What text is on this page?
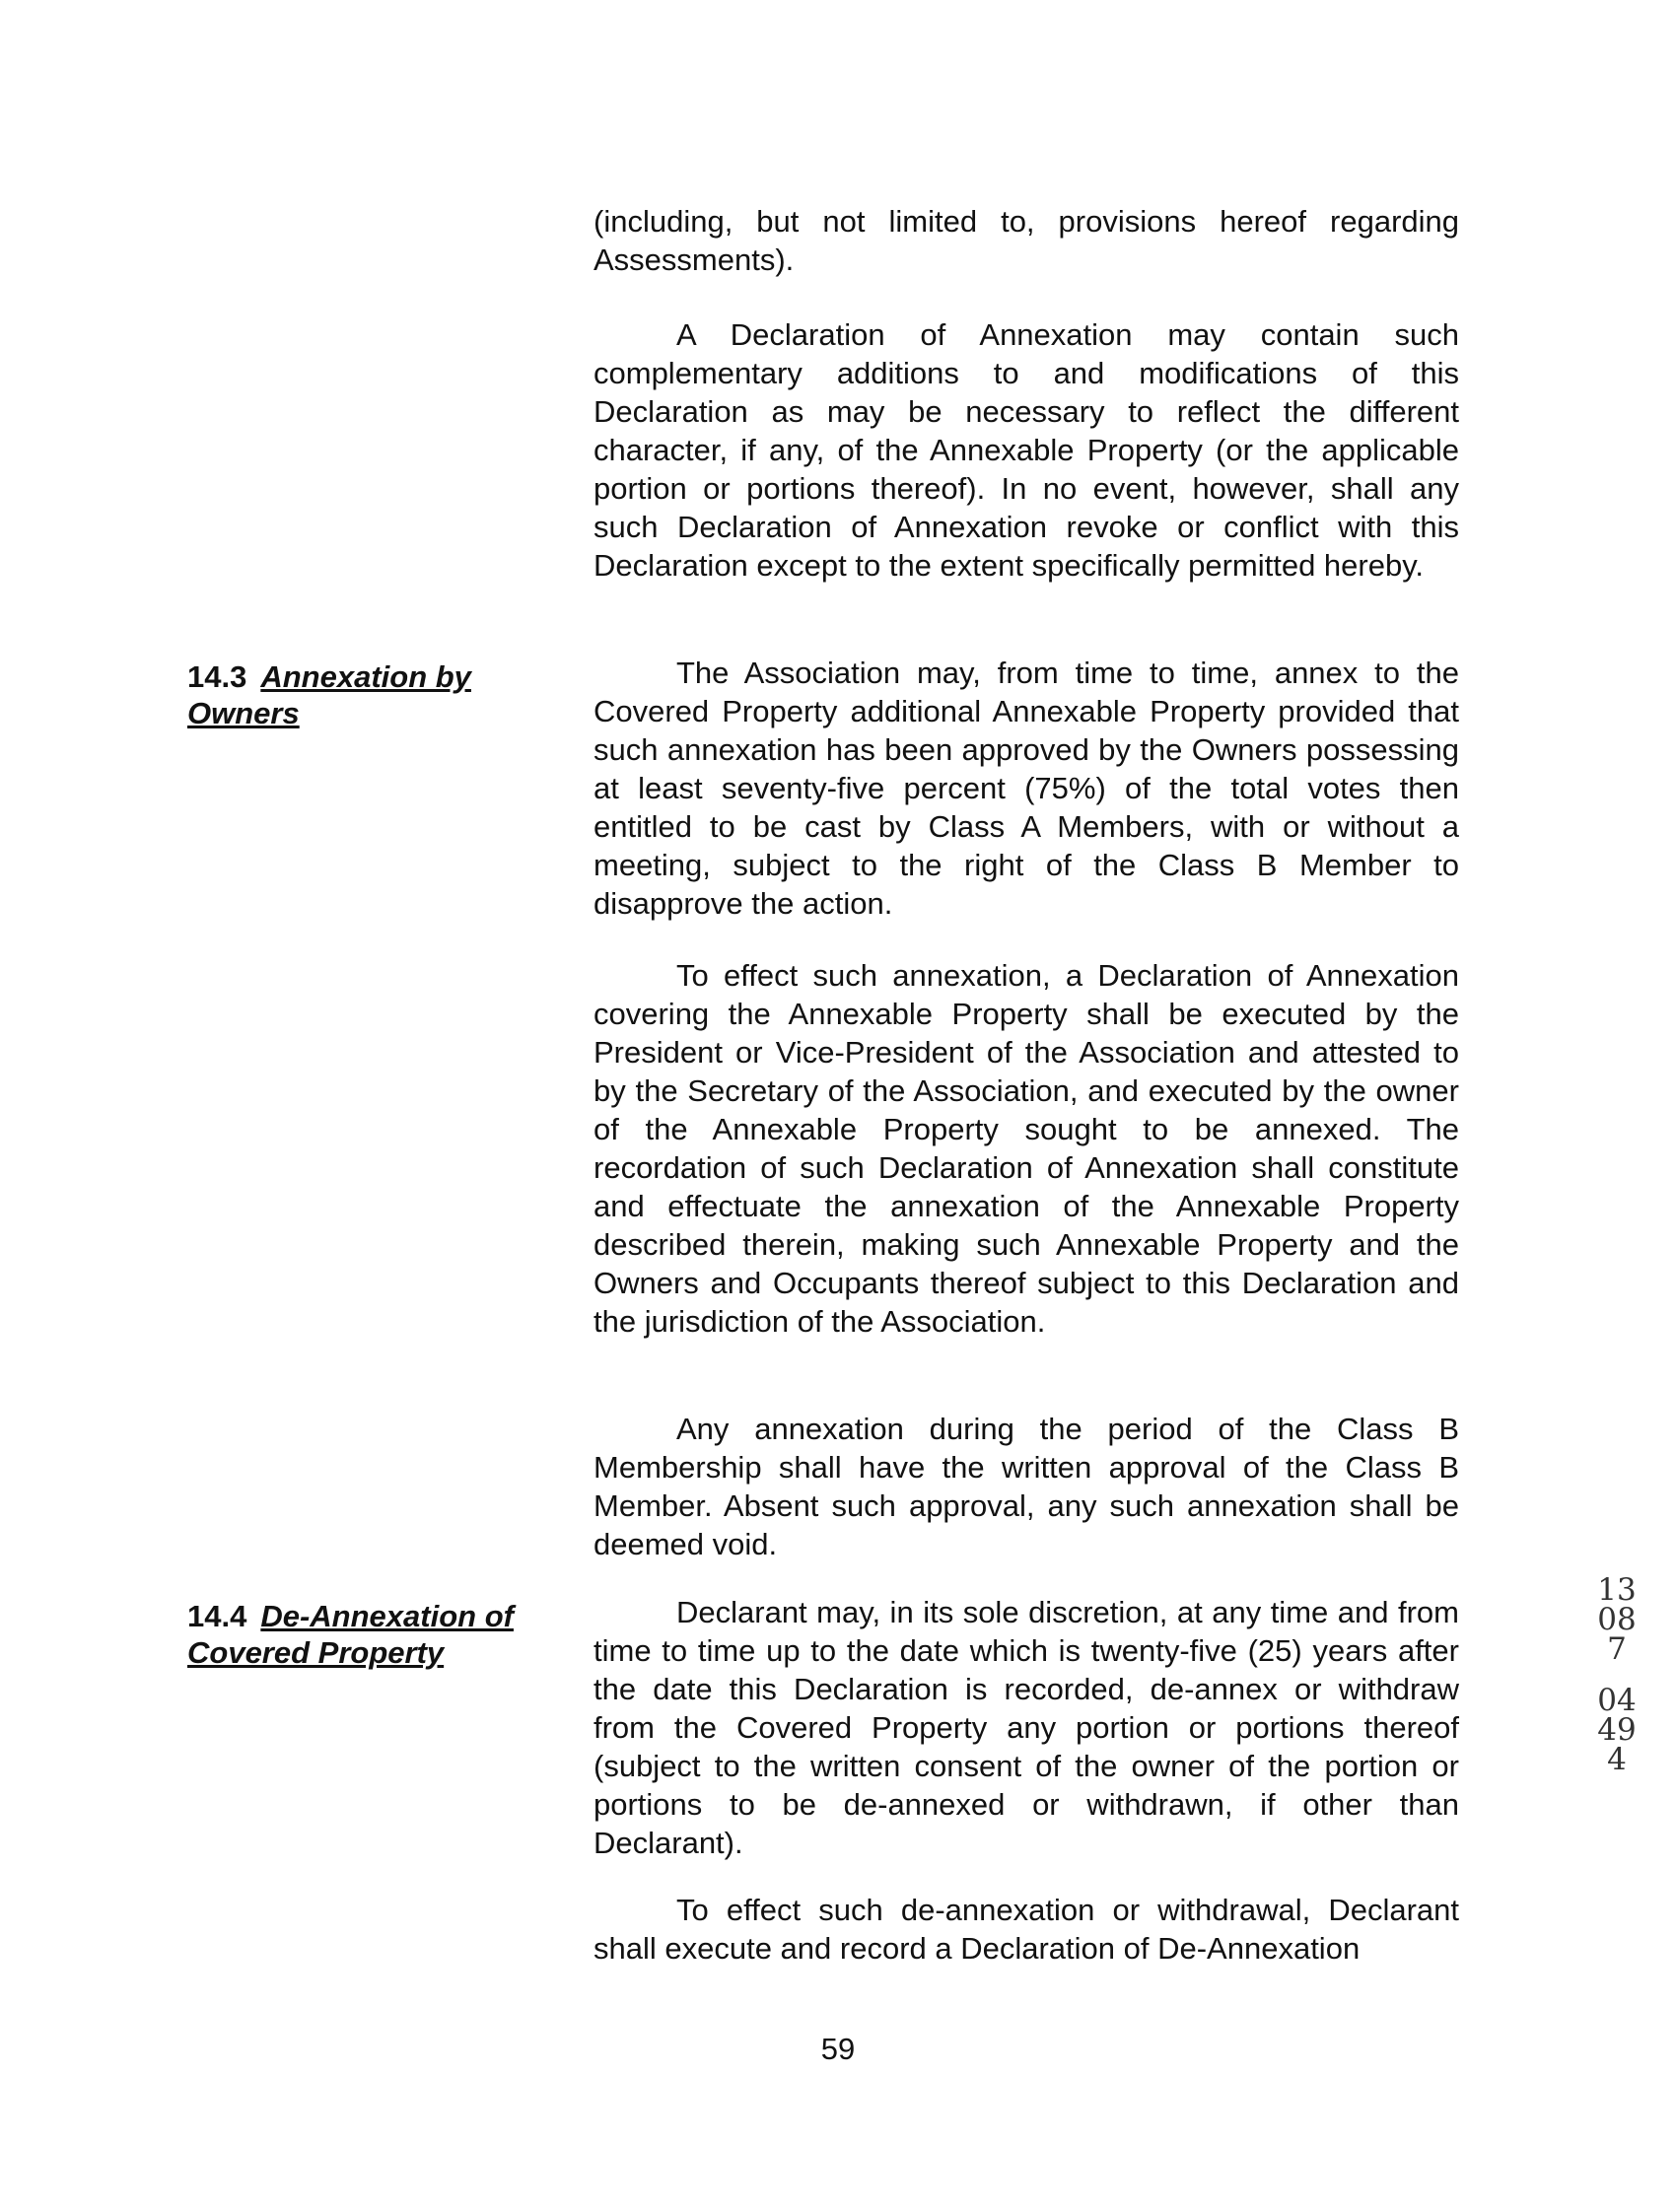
(including, but not limited to, provisions hereof regarding Assessments).

A Declaration of Annexation may contain such complementary additions to and modifications of this Declaration as may be necessary to reflect the different character, if any, of the Annexable Property (or the applicable portion or portions thereof). In no event, however, shall any such Declaration of Annexation revoke or conflict with this Declaration except to the extent specifically permitted hereby.

14.3 Annexation by Owners

The Association may, from time to time, annex to the Covered Property additional Annexable Property provided that such annexation has been approved by the Owners possessing at least seventy-five percent (75%) of the total votes then entitled to be cast by Class A Members, with or without a meeting, subject to the right of the Class B Member to disapprove the action.

To effect such annexation, a Declaration of Annexation covering the Annexable Property shall be executed by the President or Vice-President of the Association and attested to by the Secretary of the Association, and executed by the owner of the Annexable Property sought to be annexed. The recordation of such Declaration of Annexation shall constitute and effectuate the annexation of the Annexable Property described therein, making such Annexable Property and the Owners and Occupants thereof subject to this Declaration and the jurisdiction of the Association.

Any annexation during the period of the Class B Membership shall have the written approval of the Class B Member. Absent such approval, any such annexation shall be deemed void.

14.4 De-Annexation of Covered Property

Declarant may, in its sole discretion, at any time and from time to time up to the date which is twenty-five (25) years after the date this Declaration is recorded, de-annex or withdraw from the Covered Property any portion or portions thereof (subject to the written consent of the owner of the portion or portions to be de-annexed or withdrawn, if other than Declarant).

To effect such de-annexation or withdrawal, Declarant shall execute and record a Declaration of De-Annexation

13087
04494
59
